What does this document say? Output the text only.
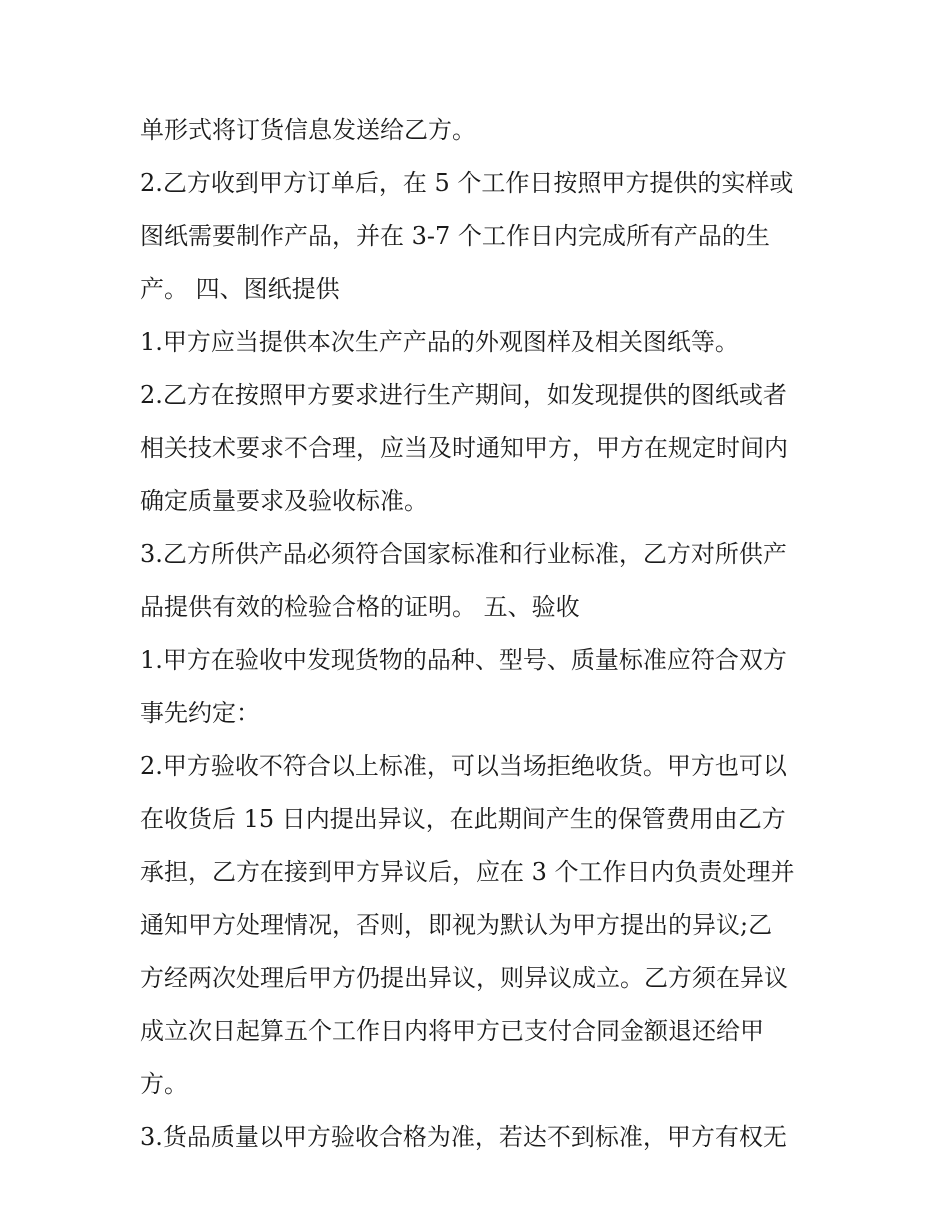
单形式将订货信息发送给乙方。
2.乙方收到甲方订单后，在 5 个工作日按照甲方提供的实样或
图纸需要制作产品，并在 3-7 个工作日内完成所有产品的生
产。 四、图纸提供
1.甲方应当提供本次生产产品的外观图样及相关图纸等。
2.乙方在按照甲方要求进行生产期间，如发现提供的图纸或者
相关技术要求不合理，应当及时通知甲方，甲方在规定时间内
确定质量要求及验收标准。
3.乙方所供产品必须符合国家标准和行业标准，乙方对所供产
品提供有效的检验合格的证明。 五、验收
1.甲方在验收中发现货物的品种、型号、质量标准应符合双方
事先约定：
2.甲方验收不符合以上标准，可以当场拒绝收货。甲方也可以
在收货后 15 日内提出异议，在此期间产生的保管费用由乙方
承担，乙方在接到甲方异议后，应在 3 个工作日内负责处理并
通知甲方处理情况，否则，即视为默认为甲方提出的异议;乙
方经两次处理后甲方仍提出异议，则异议成立。乙方须在异议
成立次日起算五个工作日内将甲方已支付合同金额退还给甲
方。
3.货品质量以甲方验收合格为准，若达不到标准，甲方有权无
